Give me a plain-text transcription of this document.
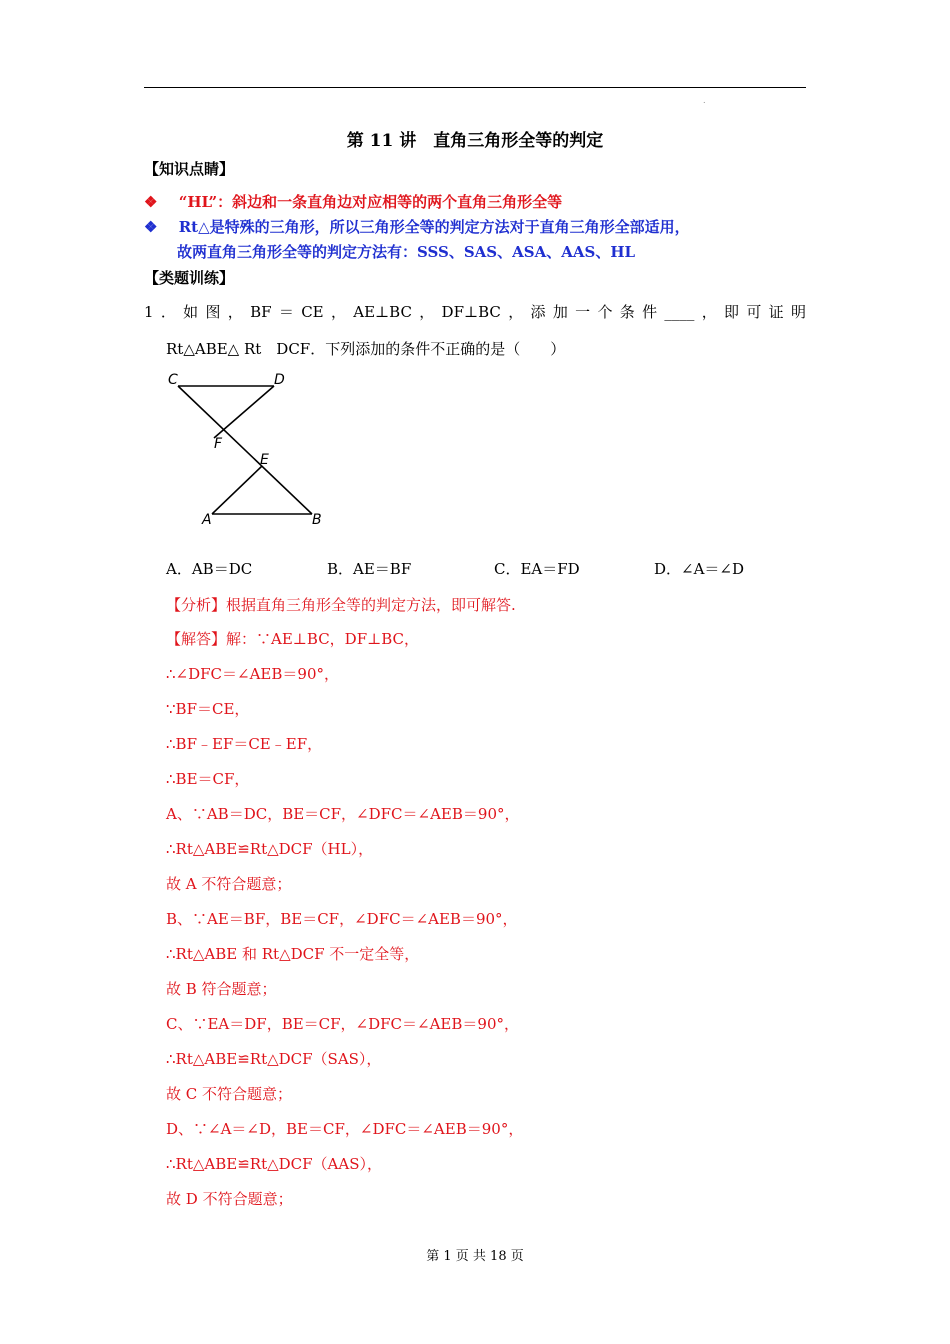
.
第 11 讲　直角三角形全等的判定
【知识点睛】
❖ “HL”：斜边和一条直角边对应相等的两个直角三角形全等
❖ Rt△是特殊的三角形，所以三角形全等的判定方法对于直角三角形全部适用，
故两直角三角形全等的判定方法有：SSS、SAS、ASA、AAS、HL
【类题训练】
1．如图，BF＝CE，AE⊥BC，DF⊥BC，添加一个条件____，即可证明
Rt△ABE△ Rt　DCF．下列添加的条件不正确的是（　　）
C	D
F
E
A	B
A．AB＝DC	B．AE＝BF	C．EA＝FD	D．∠A＝∠D
【分析】根据直角三角形全等的判定方法，即可解答.
【解答】解：∵AE⊥BC，DF⊥BC，
∴∠DFC＝∠AEB＝90°，
∵BF＝CE，
∴BF﹣EF＝CE﹣EF，
∴BE＝CF，
A、∵AB＝DC，BE＝CF，∠DFC＝∠AEB＝90°，
∴Rt△ABE≌Rt△DCF（HL），
故 A 不符合题意；
B、∵AE＝BF，BE＝CF，∠DFC＝∠AEB＝90°，
∴Rt△ABE 和 Rt△DCF 不一定全等，
故 B 符合题意；
C、∵EA＝DF，BE＝CF，∠DFC＝∠AEB＝90°，
∴Rt△ABE≌Rt△DCF（SAS），
故 C 不符合题意；
D、∵∠A＝∠D，BE＝CF，∠DFC＝∠AEB＝90°，
∴Rt△ABE≌Rt△DCF（AAS），
故 D 不符合题意；
第 1 页 共 18 页
